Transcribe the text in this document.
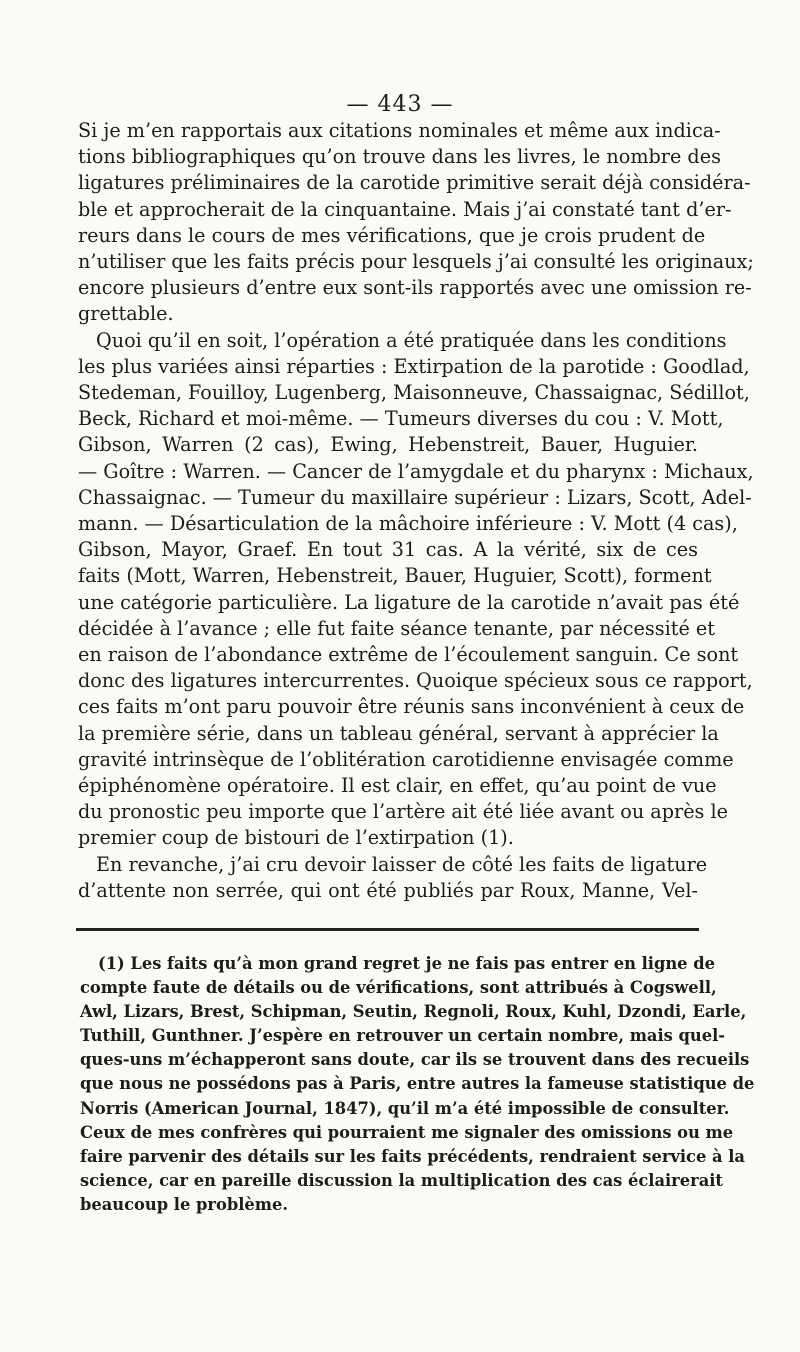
— 443 —
Si je m’en rapportais aux citations nominales et même aux indica-
tions bibliographiques qu’on trouve dans les livres, le nombre des
ligatures préliminaires de la carotide primitive serait déjà considéra-
ble et approcherait de la cinquantaine. Mais j’ai constaté tant d’er-
reurs dans le cours de mes vérifications, que je crois prudent de
n’utiliser que les faits précis pour lesquels j’ai consulté les originaux;
encore plusieurs d’entre eux sont-ils rapportés avec une omission re-
grettable.
Quoi qu’il en soit, l’opération a été pratiquée dans les conditions
les plus variées ainsi réparties : Extirpation de la parotide : Goodlad,
Stedeman, Fouilloy, Lugenberg, Maisonneuve, Chassaignac, Sédillot,
Beck, Richard et moi-même. — Tumeurs diverses du cou : V. Mott,
Gibson, Warren (2 cas), Ewing, Hebenstreit, Bauer, Huguier.
— Goître : Warren. — Cancer de l’amygdale et du pharynx : Michaux,
Chassaignac. — Tumeur du maxillaire supérieur : Lizars, Scott, Adel-
mann. — Désarticulation de la mâchoire inférieure : V. Mott (4 cas),
Gibson, Mayor, Graef. En tout 31 cas. A la vérité, six de ces
faits (Mott, Warren, Hebenstreit, Bauer, Huguier, Scott), forment
une catégorie particulière. La ligature de la carotide n’avait pas été
décidée à l’avance ; elle fut faite séance tenante, par nécessité et
en raison de l’abondance extrême de l’écoulement sanguin. Ce sont
donc des ligatures intercurrentes. Quoique spécieux sous ce rapport,
ces faits m’ont paru pouvoir être réunis sans inconvénient à ceux de
la première série, dans un tableau général, servant à apprécier la
gravité intrinsèque de l’oblitération carotidienne envisagée comme
épiphénomène opératoire. Il est clair, en effet, qu’au point de vue
du pronostic peu importe que l’artère ait été liée avant ou après le
premier coup de bistouri de l’extirpation (1).
En revanche, j’ai cru devoir laisser de côté les faits de ligature
d’attente non serrée, qui ont été publiés par Roux, Manne, Vel-
(1) Les faits qu’à mon grand regret je ne fais pas entrer en ligne de
compte faute de détails ou de vérifications, sont attribués à Cogswell,
Awl, Lizars, Brest, Schipman, Seutin, Regnoli, Roux, Kuhl, Dzondi, Earle,
Tuthill, Gunthner. J’espère en retrouver un certain nombre, mais quel-
ques-uns m’échapperont sans doute, car ils se trouvent dans des recueils
que nous ne possédons pas à Paris, entre autres la fameuse statistique de
Norris (American Journal, 1847), qu’il m’a été impossible de consulter.
Ceux de mes confrères qui pourraient me signaler des omissions ou me
faire parvenir des détails sur les faits précédents, rendraient service à la
science, car en pareille discussion la multiplication des cas éclairerait
beaucoup le problème.
